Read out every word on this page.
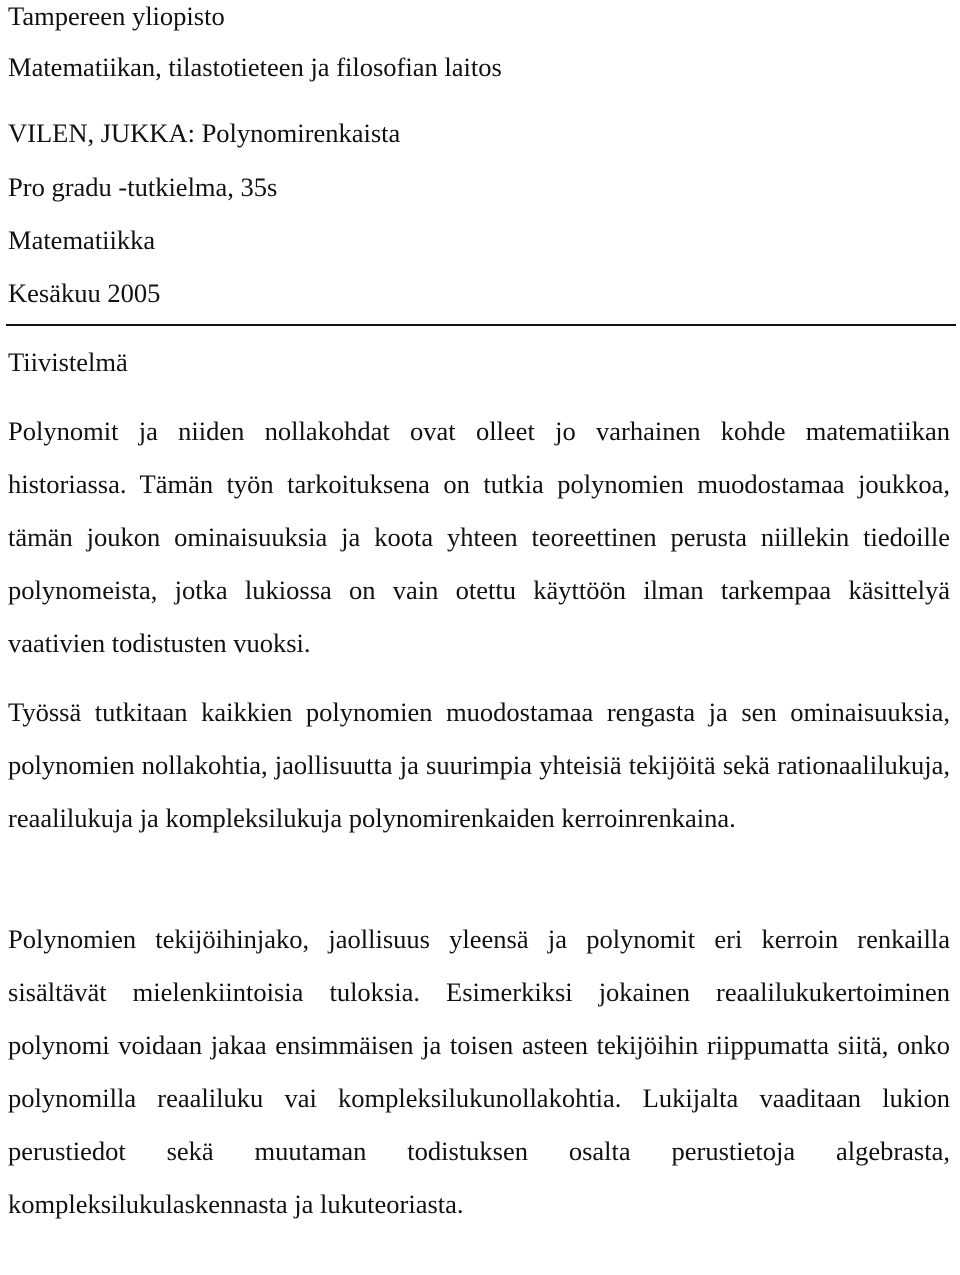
Tampereen yliopisto

Matematiikan, tilastotieteen ja filosofian laitos

VILEN, JUKKA: Polynomirenkaista

Pro gradu -tutkielma, 35s

Matematiikka

Kesäkuu 2005

Tiivistelmä

Polynomit ja niiden nollakohdat ovat olleet jo varhainen kohde matematiikan historiassa. Tämän työn tarkoituksena on tutkia polynomien muodostamaa joukkoa, tämän joukon ominaisuuksia ja koota yhteen teoreettinen perusta niillekin tiedoille polynomeista, jotka lukiossa on vain otettu käyttöön ilman tarkempaa käsittelyä vaativien todistusten vuoksi.

Työssä tutkitaan kaikkien polynomien muodostamaa rengasta ja sen ominaisuuksia, polynomien nollakohtia, jaollisuutta ja suurimpia yhteisiä tekijöitä sekä rationaalilukuja, reaalilukuja ja kompleksilukuja polynomirenkaiden kerroinrenkaina.

Polynomien tekijöihinjako, jaollisuus yleensä ja polynomit eri kerroin renkailla sisältävät mielenkiintoisia tuloksia. Esimerkiksi jokainen reaalilukukertoiminen polynomi voidaan jakaa ensimmäisen ja toisen asteen tekijöihin riippumatta siitä, onko polynomilla reaaliluku vai kompleksilukunollakohtia. Lukijalta vaaditaan lukion perustiedot sekä muutaman todistuksen osalta perustietoja algebrasta, kompleksilukulaskennasta ja lukuteoriasta.
